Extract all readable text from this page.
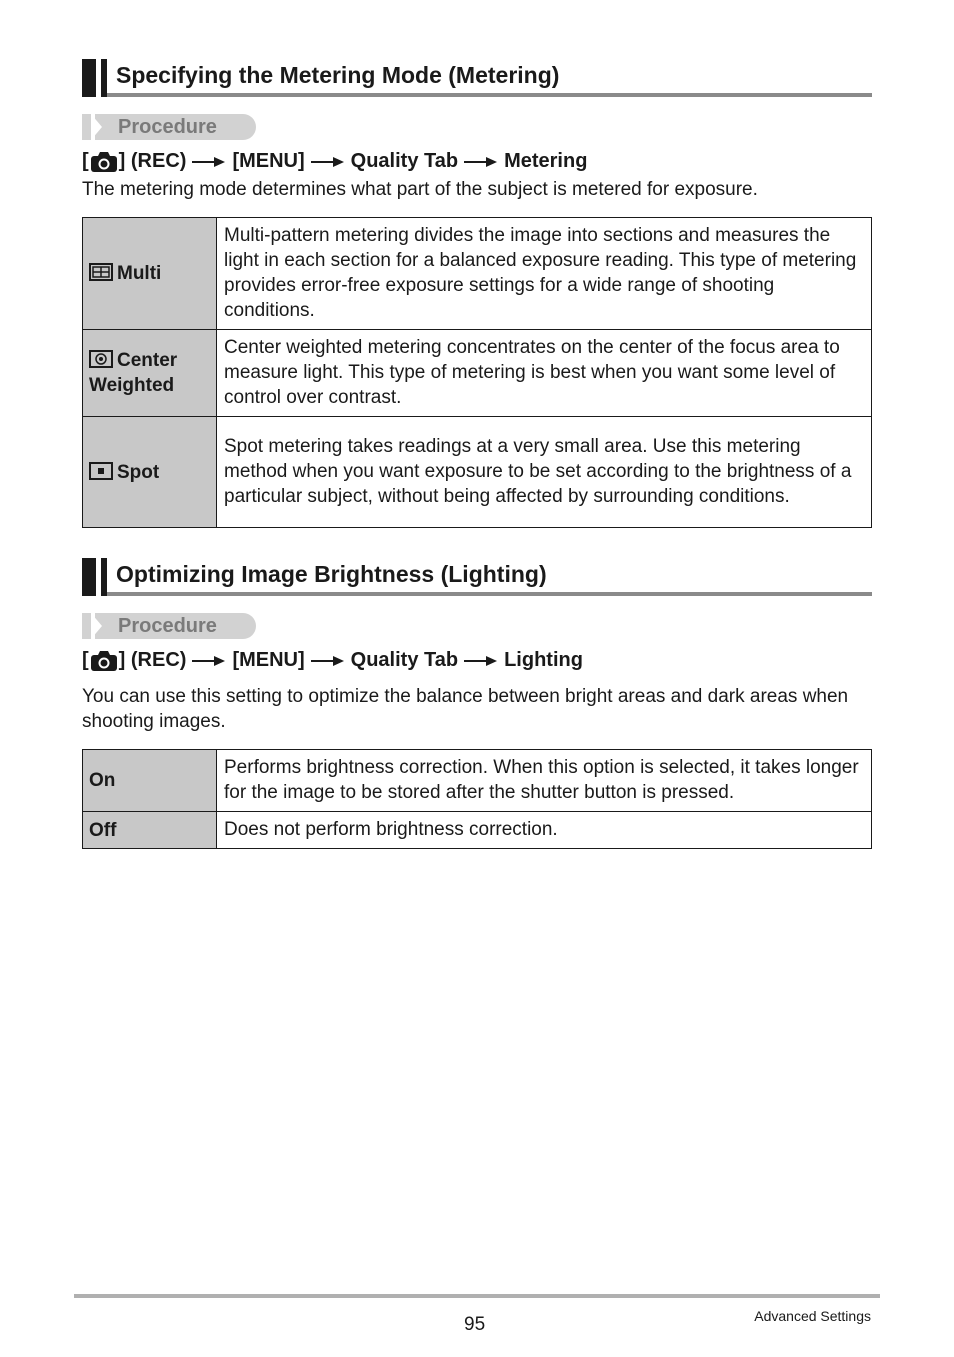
Specifying the Metering Mode (Metering)
Procedure
[ ] (REC) [MENU] Quality Tab Metering
The metering mode determines what part of the subject is metered for exposure.
Multi	Multi-pattern metering divides the image into sections and measures the light in each section for a balanced exposure reading. This type of metering provides error-free exposure settings for a wide range of shooting conditions.
Center Weighted	Center weighted metering concentrates on the center of the focus area to measure light. This type of metering is best when you want some level of control over contrast.
Spot	Spot metering takes readings at a very small area. Use this metering method when you want exposure to be set according to the brightness of a particular subject, without being affected by surrounding conditions.
Optimizing Image Brightness (Lighting)
Procedure
[ ] (REC) [MENU] Quality Tab Lighting
You can use this setting to optimize the balance between bright areas and dark areas when shooting images.
On	Performs brightness correction. When this option is selected, it takes longer for the image to be stored after the shutter button is pressed.
Off	Does not perform brightness correction.
95	Advanced Settings
